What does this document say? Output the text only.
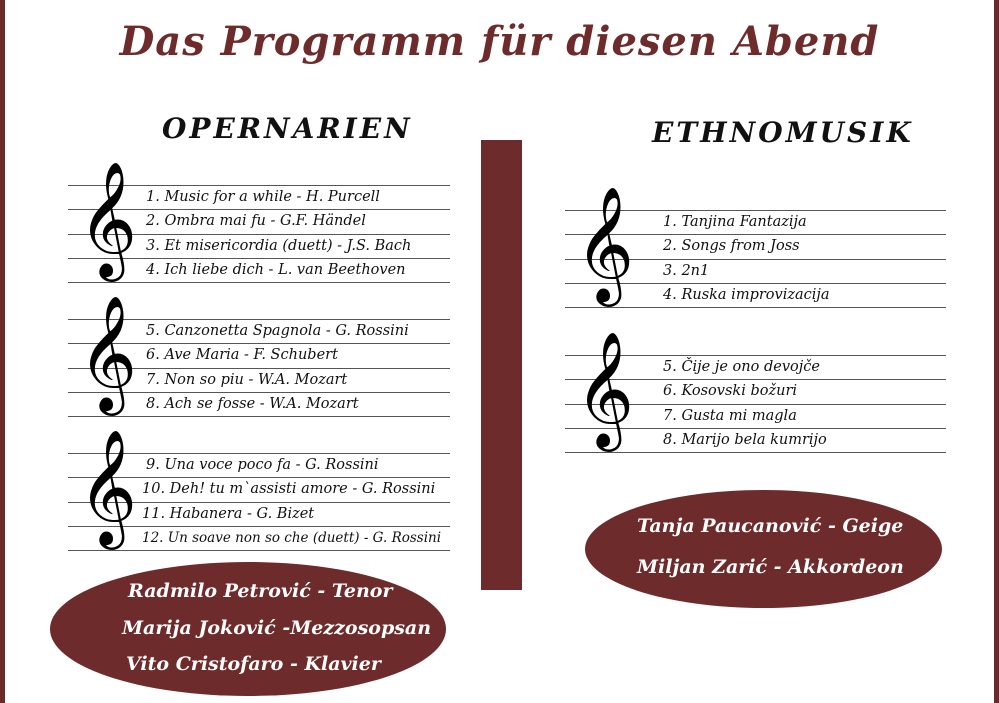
Das Programm für diesen Abend
OPERNARIEN	ETHNOMUSIK
𝄞 1. Music for a while - H. Purcell
2. Ombra mai fu - G.F. Händel
3. Et misericordia (duett) - J.S. Bach
4. Ich liebe dich - L. van Beethoven
𝄞 5. Canzonetta Spagnola - G. Rossini
6. Ave Maria - F. Schubert
7. Non so piu - W.A. Mozart
8. Ach se fosse - W.A. Mozart
𝄞 9. Una voce poco fa - G. Rossini
10. Deh! tu m`assisti amore - G. Rossini
11. Habanera - G. Bizet
12. Un soave non so che (duett) - G. Rossini
𝄞 1. Tanjina Fantazija
2. Songs from Joss
3. 2n1
4. Ruska improvizacija
𝄞 5. Čije je ono devojče
6. Kosovski božuri
7. Gusta mi magla
8. Marijo bela kumrijo
Radmilo Petrović - Tenor
Marija Joković -Mezzosopsan
Vito Cristofaro - Klavier
Tanja Paucanović - Geige
Miljan Zarić - Akkordeon
